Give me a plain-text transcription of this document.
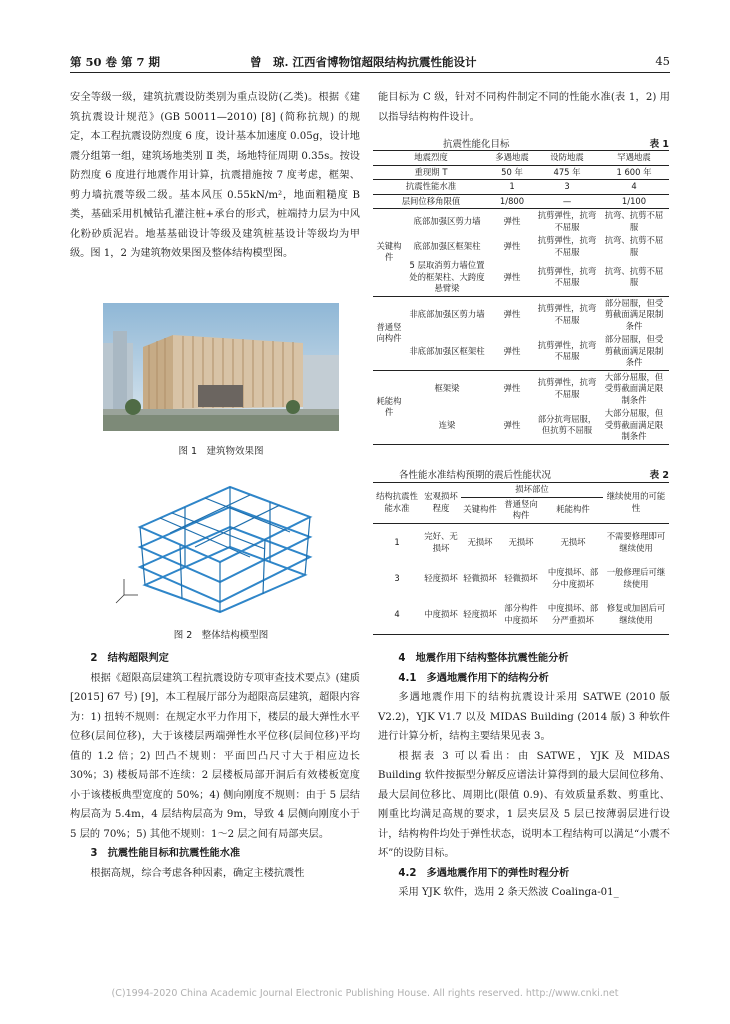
第 50 卷 第 7 期	曾　琼. 江西省博物馆超限结构抗震性能设计	45

安全等级一级，建筑抗震设防类别为重点设防(乙类)。根据《建筑抗震设计规范》(GB 50011—2010) [8] (简称抗规) 的规定，本工程抗震设防烈度 6 度，设计基本加速度 0.05g，设计地震分组第一组，建筑场地类别 Ⅱ 类，场地特征周期 0.35s。按设防烈度 6 度进行地震作用计算，抗震措施按 7 度考虑，框架、剪力墙抗震等级二级。基本风压 0.55kN/m²，地面粗糙度 B 类，基础采用机械钻孔灌注桩+承台的形式，桩端持力层为中风化粉砂质泥岩。地基基础设计等级及建筑桩基设计等级均为甲级。图 1，2 为建筑物效果图及整体结构模型图。

图 1　建筑物效果图
图 2　整体结构模型图

2　结构超限判定

根据《超限高层建筑工程抗震设防专项审查技术要点》(建质 [2015] 67 号) [9]，本工程展厅部分为超限高层建筑，超限内容为：1) 扭转不规则：在规定水平力作用下，楼层的最大弹性水平位移(层间位移)，大于该楼层两端弹性水平位移(层间位移)平均值的 1.2 倍；2) 凹凸不规则：平面凹凸尺寸大于相应边长 30%；3) 楼板局部不连续：2 层楼板局部开洞后有效楼板宽度小于该楼板典型宽度的 50%；4) 侧向刚度不规则：由于 5 层结构层高为 5.4m，4 层结构层高为 9m，导致 4 层侧向刚度小于 5 层的 70%；5) 其他不规则：1～2 层之间有局部夹层。

3　抗震性能目标和抗震性能水准

根据高规，综合考虑各种因素，确定主楼抗震性

能目标为 C 级，针对不同构件制定不同的性能水准(表 1，2) 用以指导结构构件设计。

抗震性能化目标	表 1
地震烈度		多遇地震	设防地震	罕遇地震
重现期 T		50 年	475 年	1 600 年
抗震性能水准		1	3	4
层间位移角限值		1/800	—	1/100
关键构件	底部加强区剪力墙	弹性	抗剪弹性，抗弯不屈服	抗弯、抗剪不屈服
	底部加强区框架柱	弹性	抗剪弹性，抗弯不屈服	抗弯、抗剪不屈服
	5 层取消剪力墙位置处的框架柱、大跨度悬臂梁	弹性	抗剪弹性，抗弯不屈服	抗弯、抗剪不屈服
普通竖向构件	非底部加强区剪力墙	弹性	抗剪弹性，抗弯不屈服	部分屈服，但受剪截面满足限制条件
	非底部加强区框架柱	弹性	抗剪弹性，抗弯不屈服	部分屈服，但受剪截面满足限制条件
耗能构件	框架梁	弹性	抗剪弹性，抗弯不屈服	大部分屈服，但受剪截面满足限制条件
	连梁	弹性	部分抗弯屈服，但抗剪不屈服	大部分屈服，但受剪截面满足限制条件
各性能水准结构预期的震后性能状况	表 2
结构抗震性能水准	宏观损坏程度	损坏部位			继续使用的可能性
		关键构件	普通竖向构件	耗能构件	
1	完好、无损坏	无损坏	无损坏	无损坏	不需要修理即可继续使用
3	轻度损坏	轻微损坏	轻微损坏	中度损坏、部分中度损坏	一般修理后可继续使用
4	中度损坏	轻度损坏	部分构件中度损坏	中度损坏、部分严重损坏	修复或加固后可继续使用

4　地震作用下结构整体抗震性能分析

4.1　多遇地震作用下的结构分析

多遇地震作用下的结构抗震设计采用 SATWE (2010 版 V2.2)，YJK V1.7 以及 MIDAS Building (2014 版) 3 种软件进行计算分析，结构主要结果见表 3。

根据表 3 可以看出：由 SATWE，YJK 及 MIDAS Building 软件按振型分解反应谱法计算得到的最大层间位移角、最大层间位移比、周期比(限值 0.9)、有效质量系数、剪重比、刚重比均满足高规的要求，1 层夹层及 5 层已按薄弱层进行设计，结构构件均处于弹性状态，说明本工程结构可以满足“小震不坏”的设防目标。

4.2　多遇地震作用下的弹性时程分析

采用 YJK 软件，选用 2 条天然波 Coalinga-01_

(C)1994-2020 China Academic Journal Electronic Publishing House. All rights reserved. http://www.cnki.net
